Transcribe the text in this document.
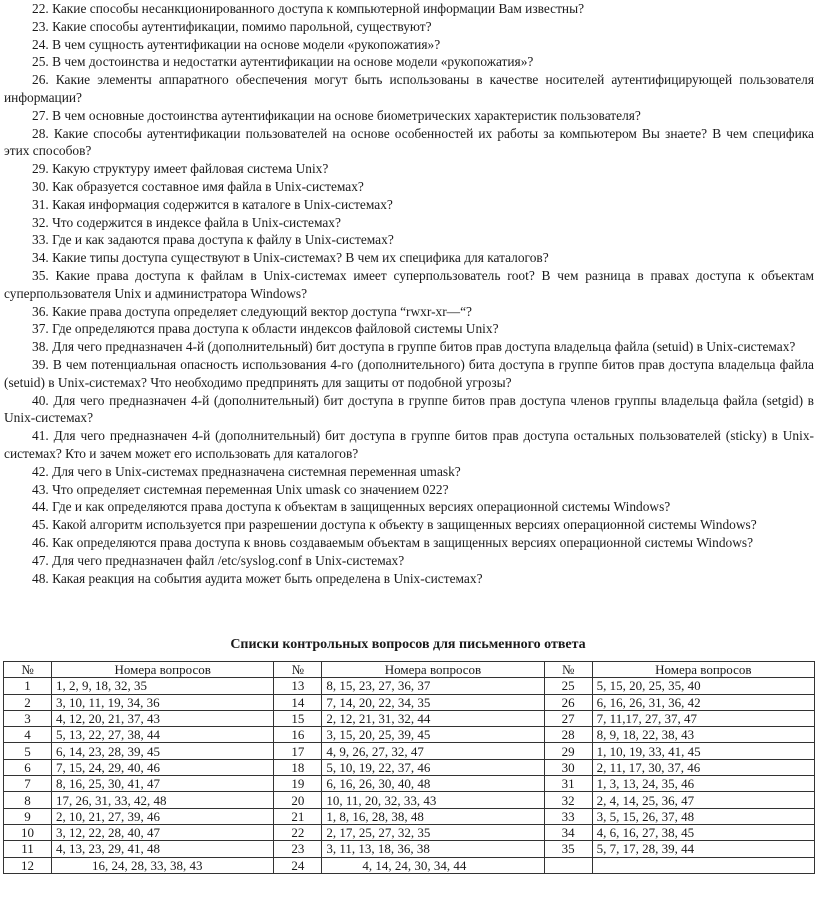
22. Какие способы несанкционированного доступа к компьютерной информации Вам известны?

23. Какие способы аутентификации, помимо парольной, существуют?

24. В чем сущность аутентификации на основе модели «рукопожатия»?

25. В чем достоинства и недостатки аутентификации на основе модели «рукопожатия»?

26. Какие элементы аппаратного обеспечения могут быть использованы в качестве носителей аутентифицирующей пользователя информации?

27. В чем основные достоинства аутентификации на основе биометрических характеристик пользователя?

28. Какие способы аутентификации пользователей на основе особенностей их работы за компьютером Вы знаете? В чем специфика этих способов?

29. Какую структуру имеет файловая система Unix?

30. Как образуется составное имя файла в Unix-системах?

31. Какая информация содержится в каталоге в Unix-системах?

32. Что содержится в индексе файла в Unix-системах?

33. Где и как задаются права доступа к файлу в Unix-системах?

34. Какие типы доступа существуют в Unix-системах? В чем их специфика для каталогов?

35. Какие права доступа к файлам в Unix-системах имеет суперпользователь root? В чем разница в правах доступа к объектам суперпользователя Unix и администратора Windows?

36. Какие права доступа определяет следующий вектор доступа “rwxr-xr—“?

37. Где определяются права доступа к области индексов файловой системы Unix?

38. Для чего предназначен 4-й (дополнительный) бит доступа в группе битов прав доступа владельца файла (setuid) в Unix-системах?

39. В чем потенциальная опасность использования 4-го (дополнительного) бита доступа в группе битов прав доступа владельца файла (setuid) в Unix-системах? Что необходимо предпринять для защиты от подобной угрозы?

40. Для чего предназначен 4-й (дополнительный) бит доступа в группе битов прав доступа членов группы владельца файла (setgid) в Unix-системах?

41. Для чего предназначен 4-й (дополнительный) бит доступа в группе битов прав доступа остальных пользователей (sticky) в Unix-системах? Кто и зачем может его использовать для каталогов?

42. Для чего в Unix-системах предназначена системная переменная umask?

43. Что определяет системная переменная Unix umask со значением 022?

44. Где и как определяются права доступа к объектам в защищенных версиях операционной системы Windows?

45. Какой алгоритм используется при разрешении доступа к объекту в защищенных версиях операционной системы Windows?

46. Как определяются права доступа к вновь создаваемым объектам в защищенных версиях операционной системы Windows?

47. Для чего предназначен файл /etc/syslog.conf в Unix-системах?

48. Какая реакция на события аудита может быть определена в Unix-системах?

Списки контрольных вопросов для письменного ответа
№	Номера вопросов	№	Номера вопросов	№	Номера вопросов
1	1, 2, 9, 18, 32, 35	13	8, 15, 23, 27, 36, 37	25	5, 15, 20, 25, 35, 40
2	3, 10, 11, 19, 34, 36	14	7, 14, 20, 22, 34, 35	26	6, 16, 26, 31, 36, 42
3	4, 12, 20, 21, 37, 43	15	2, 12, 21, 31, 32, 44	27	7, 11,17, 27, 37, 47
4	5, 13, 22, 27, 38, 44	16	3, 15, 20, 25, 39, 45	28	8, 9, 18, 22, 38, 43
5	6, 14, 23, 28, 39, 45	17	4, 9, 26, 27, 32, 47	29	1, 10, 19, 33, 41, 45
6	7, 15, 24, 29, 40, 46	18	5, 10, 19, 22, 37, 46	30	2, 11, 17, 30, 37, 46
7	8, 16, 25, 30, 41, 47	19	6, 16, 26, 30, 40, 48	31	1, 3, 13, 24, 35, 46
8	17, 26, 31, 33, 42, 48	20	10, 11, 20, 32, 33, 43	32	2, 4, 14, 25, 36, 47
9	2, 10, 21, 27, 39, 46	21	1, 8, 16, 28, 38, 48	33	3, 5, 15, 26, 37, 48
10	3, 12, 22, 28, 40, 47	22	2, 17, 25, 27, 32, 35	34	4, 6, 16, 27, 38, 45
11	4, 13, 23, 29, 41, 48	23	3, 11, 13, 18, 36, 38	35	5, 7, 17, 28, 39, 44
12	16, 24, 28, 33, 38, 43	24	4, 14, 24, 30, 34, 44		
